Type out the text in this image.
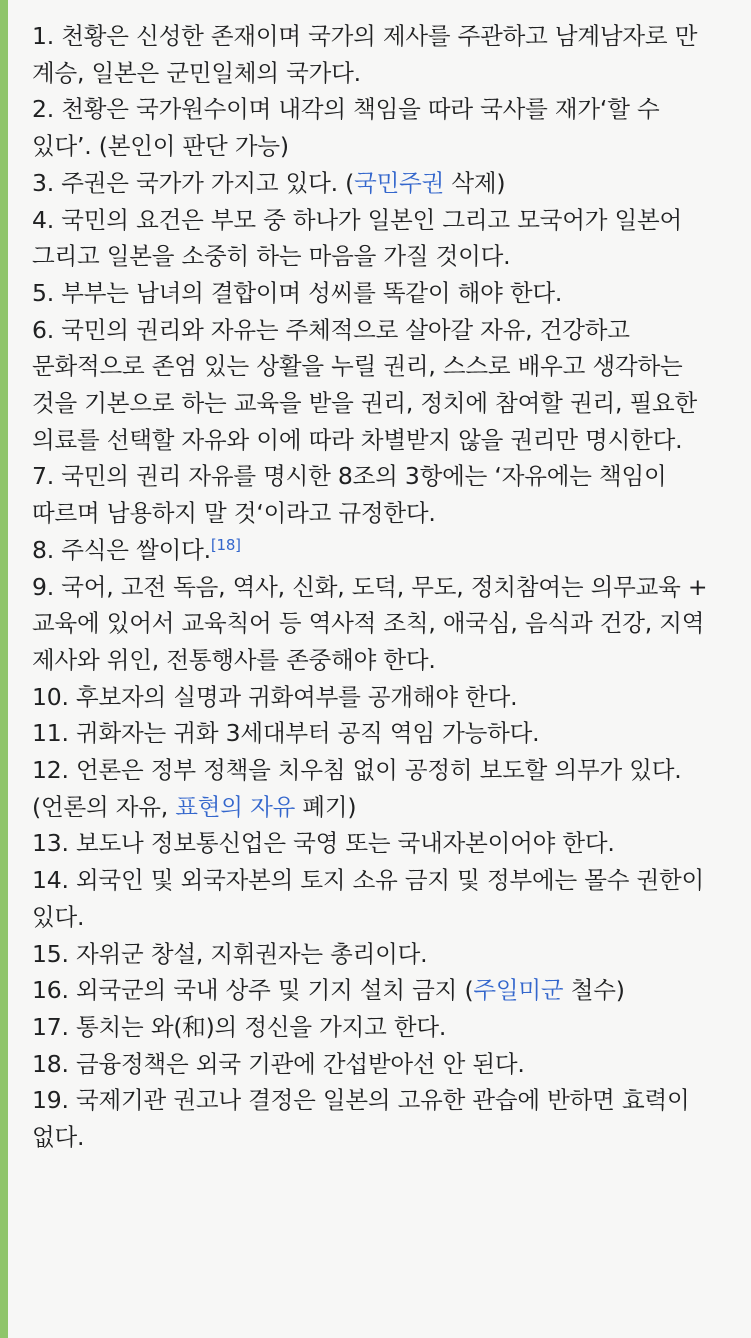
1. 천황은 신성한 존재이며 국가의 제사를 주관하고 남계남자로 만 계승, 일본은 군민일체의 국가다.
2. 천황은 국가원수이며 내각의 책임을 따라 국사를 재가‘할 수 있다’. (본인이 판단 가능)
3. 주권은 국가가 가지고 있다. (국민주권 삭제)
4. 국민의 요건은 부모 중 하나가 일본인 그리고 모국어가 일본어 그리고 일본을 소중히 하는 마음을 가질 것이다.
5. 부부는 남녀의 결합이며 성씨를 똑같이 해야 한다.
6. 국민의 권리와 자유는 주체적으로 살아갈 자유, 건강하고 문화적으로 존엄 있는 상활을 누릴 권리, 스스로 배우고 생각하는 것을 기본으로 하는 교육을 받을 권리, 정치에 참여할 권리, 필요한 의료를 선택할 자유와 이에 따라 차별받지 않을 권리만 명시한다.
7. 국민의 권리 자유를 명시한 8조의 3항에는 ‘자유에는 책임이 따르며 남용하지 말 것‘이라고 규정한다.
8. 주식은 쌀이다.[18]
9. 국어, 고전 독음, 역사, 신화, 도덕, 무도, 정치참여는 의무교육 + 교육에 있어서 교육칙어 등 역사적 조칙, 애국심, 음식과 건강, 지역 제사와 위인, 전통행사를 존중해야 한다.
10. 후보자의 실명과 귀화여부를 공개해야 한다.
11. 귀화자는 귀화 3세대부터 공직 역임 가능하다.
12. 언론은 정부 정책을 치우침 없이 공정히 보도할 의무가 있다. (언론의 자유, 표현의 자유 폐기)
13. 보도나 정보통신업은 국영 또는 국내자본이어야 한다.
14. 외국인 및 외국자본의 토지 소유 금지 및 정부에는 몰수 권한이 있다.
15. 자위군 창설, 지휘권자는 총리이다.
16. 외국군의 국내 상주 및 기지 설치 금지 (주일미군 철수)
17. 통치는 와(和)의 정신을 가지고 한다.
18. 금융정책은 외국 기관에 간섭받아선 안 된다.
19. 국제기관 권고나 결정은 일본의 고유한 관습에 반하면 효력이 없다.
